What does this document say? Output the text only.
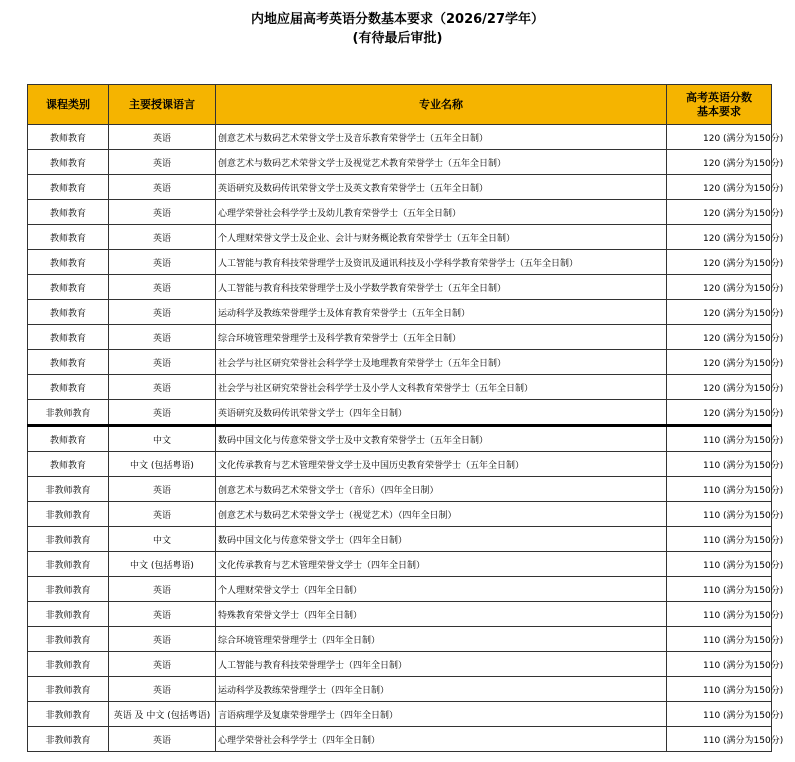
内地应届高考英语分数基本要求（2026/27学年）
(有待最后审批)
课程类别	主要授课语言	专业名称	高考英语分数
基本要求
教师教育	英语	创意艺术与数码艺术荣誉文学士及音乐教育荣誉学士（五年全日制）	120 (满分为150分)
教师教育	英语	创意艺术与数码艺术荣誉文学士及视觉艺术教育荣誉学士（五年全日制）	120 (满分为150分)
教师教育	英语	英语研究及数码传讯荣誉文学士及英文教育荣誉学士（五年全日制）	120 (满分为150分)
教师教育	英语	心理学荣誉社会科学学士及幼儿教育荣誉学士（五年全日制）	120 (满分为150分)
教师教育	英语	个人理财荣誉文学士及企业、会计与财务概论教育荣誉学士（五年全日制）	120 (满分为150分)
教师教育	英语	人工智能与教育科技荣誉理学士及资讯及通讯科技及小学科学教育荣誉学士（五年全日制）	120 (满分为150分)
教师教育	英语	人工智能与教育科技荣誉理学士及小学数学教育荣誉学士（五年全日制）	120 (满分为150分)
教师教育	英语	运动科学及教练荣誉理学士及体育教育荣誉学士（五年全日制）	120 (满分为150分)
教师教育	英语	综合环境管理荣誉理学士及科学教育荣誉学士（五年全日制）	120 (满分为150分)
教师教育	英语	社会学与社区研究荣誉社会科学学士及地理教育荣誉学士（五年全日制）	120 (满分为150分)
教师教育	英语	社会学与社区研究荣誉社会科学学士及小学人文科教育荣誉学士（五年全日制）	120 (满分为150分)
非教师教育	英语	英语研究及数码传讯荣誉文学士（四年全日制）	120 (满分为150分)
教师教育	中文	数码中国文化与传意荣誉文学士及中文教育荣誉学士（五年全日制）	110 (满分为150分)
教师教育	中文 (包括粤语)	文化传承教育与艺术管理荣誉文学士及中国历史教育荣誉学士（五年全日制）	110 (满分为150分)
非教师教育	英语	创意艺术与数码艺术荣誉文学士（音乐）（四年全日制）	110 (满分为150分)
非教师教育	英语	创意艺术与数码艺术荣誉文学士（视觉艺术）（四年全日制）	110 (满分为150分)
非教师教育	中文	数码中国文化与传意荣誉文学士（四年全日制）	110 (满分为150分)
非教师教育	中文 (包括粤语)	文化传承教育与艺术管理荣誉文学士（四年全日制）	110 (满分为150分)
非教师教育	英语	个人理财荣誉文学士（四年全日制）	110 (满分为150分)
非教师教育	英语	特殊教育荣誉文学士（四年全日制）	110 (满分为150分)
非教师教育	英语	综合环境管理荣誉理学士（四年全日制）	110 (满分为150分)
非教师教育	英语	人工智能与教育科技荣誉理学士（四年全日制）	110 (满分为150分)
非教师教育	英语	运动科学及教练荣誉理学士（四年全日制）	110 (满分为150分)
非教师教育	英语 及 中文 (包括粤语)	言语病理学及复康荣誉理学士（四年全日制）	110 (满分为150分)
非教师教育	英语	心理学荣誉社会科学学士（四年全日制）	110 (满分为150分)
